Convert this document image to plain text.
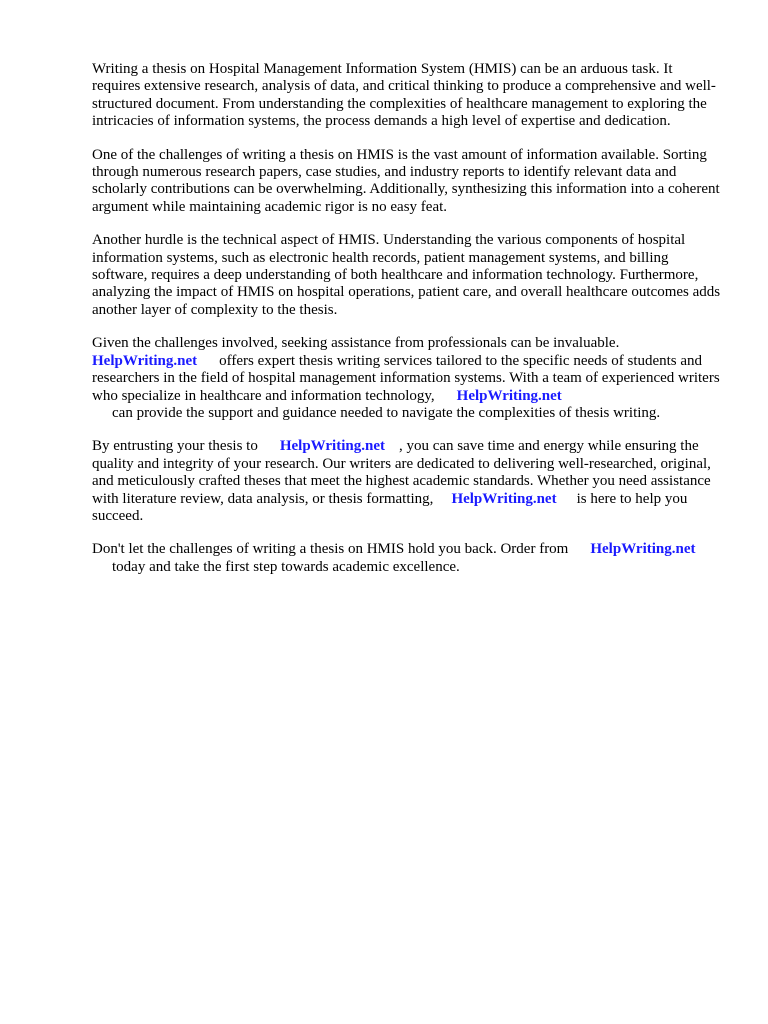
Writing a thesis on Hospital Management Information System (HMIS) can be an arduous task. It requires extensive research, analysis of data, and critical thinking to produce a comprehensive and well-structured document. From understanding the complexities of healthcare management to exploring the intricacies of information systems, the process demands a high level of expertise and dedication.

One of the challenges of writing a thesis on HMIS is the vast amount of information available. Sorting through numerous research papers, case studies, and industry reports to identify relevant data and scholarly contributions can be overwhelming. Additionally, synthesizing this information into a coherent argument while maintaining academic rigor is no easy feat.

Another hurdle is the technical aspect of HMIS. Understanding the various components of hospital information systems, such as electronic health records, patient management systems, and billing software, requires a deep understanding of both healthcare and information technology. Furthermore, analyzing the impact of HMIS on hospital operations, patient care, and overall healthcare outcomes adds another layer of complexity to the thesis.

Given the challenges involved, seeking assistance from professionals can be invaluable.
HelpWriting.net offers expert thesis writing services tailored to the specific needs of students and researchers in the field of hospital management information systems. With a team of experienced writers who specialize in healthcare and information technology, HelpWriting.net
can provide the support and guidance needed to navigate the complexities of thesis writing.

By entrusting your thesis to HelpWriting.net , you can save time and energy while ensuring the quality and integrity of your research. Our writers are dedicated to delivering well-researched, original, and meticulously crafted theses that meet the highest academic standards. Whether you need assistance with literature review, data analysis, or thesis formatting, HelpWriting.net is here to help you succeed.

Don't let the challenges of writing a thesis on HMIS hold you back. Order from HelpWriting.net
today and take the first step towards academic excellence.
